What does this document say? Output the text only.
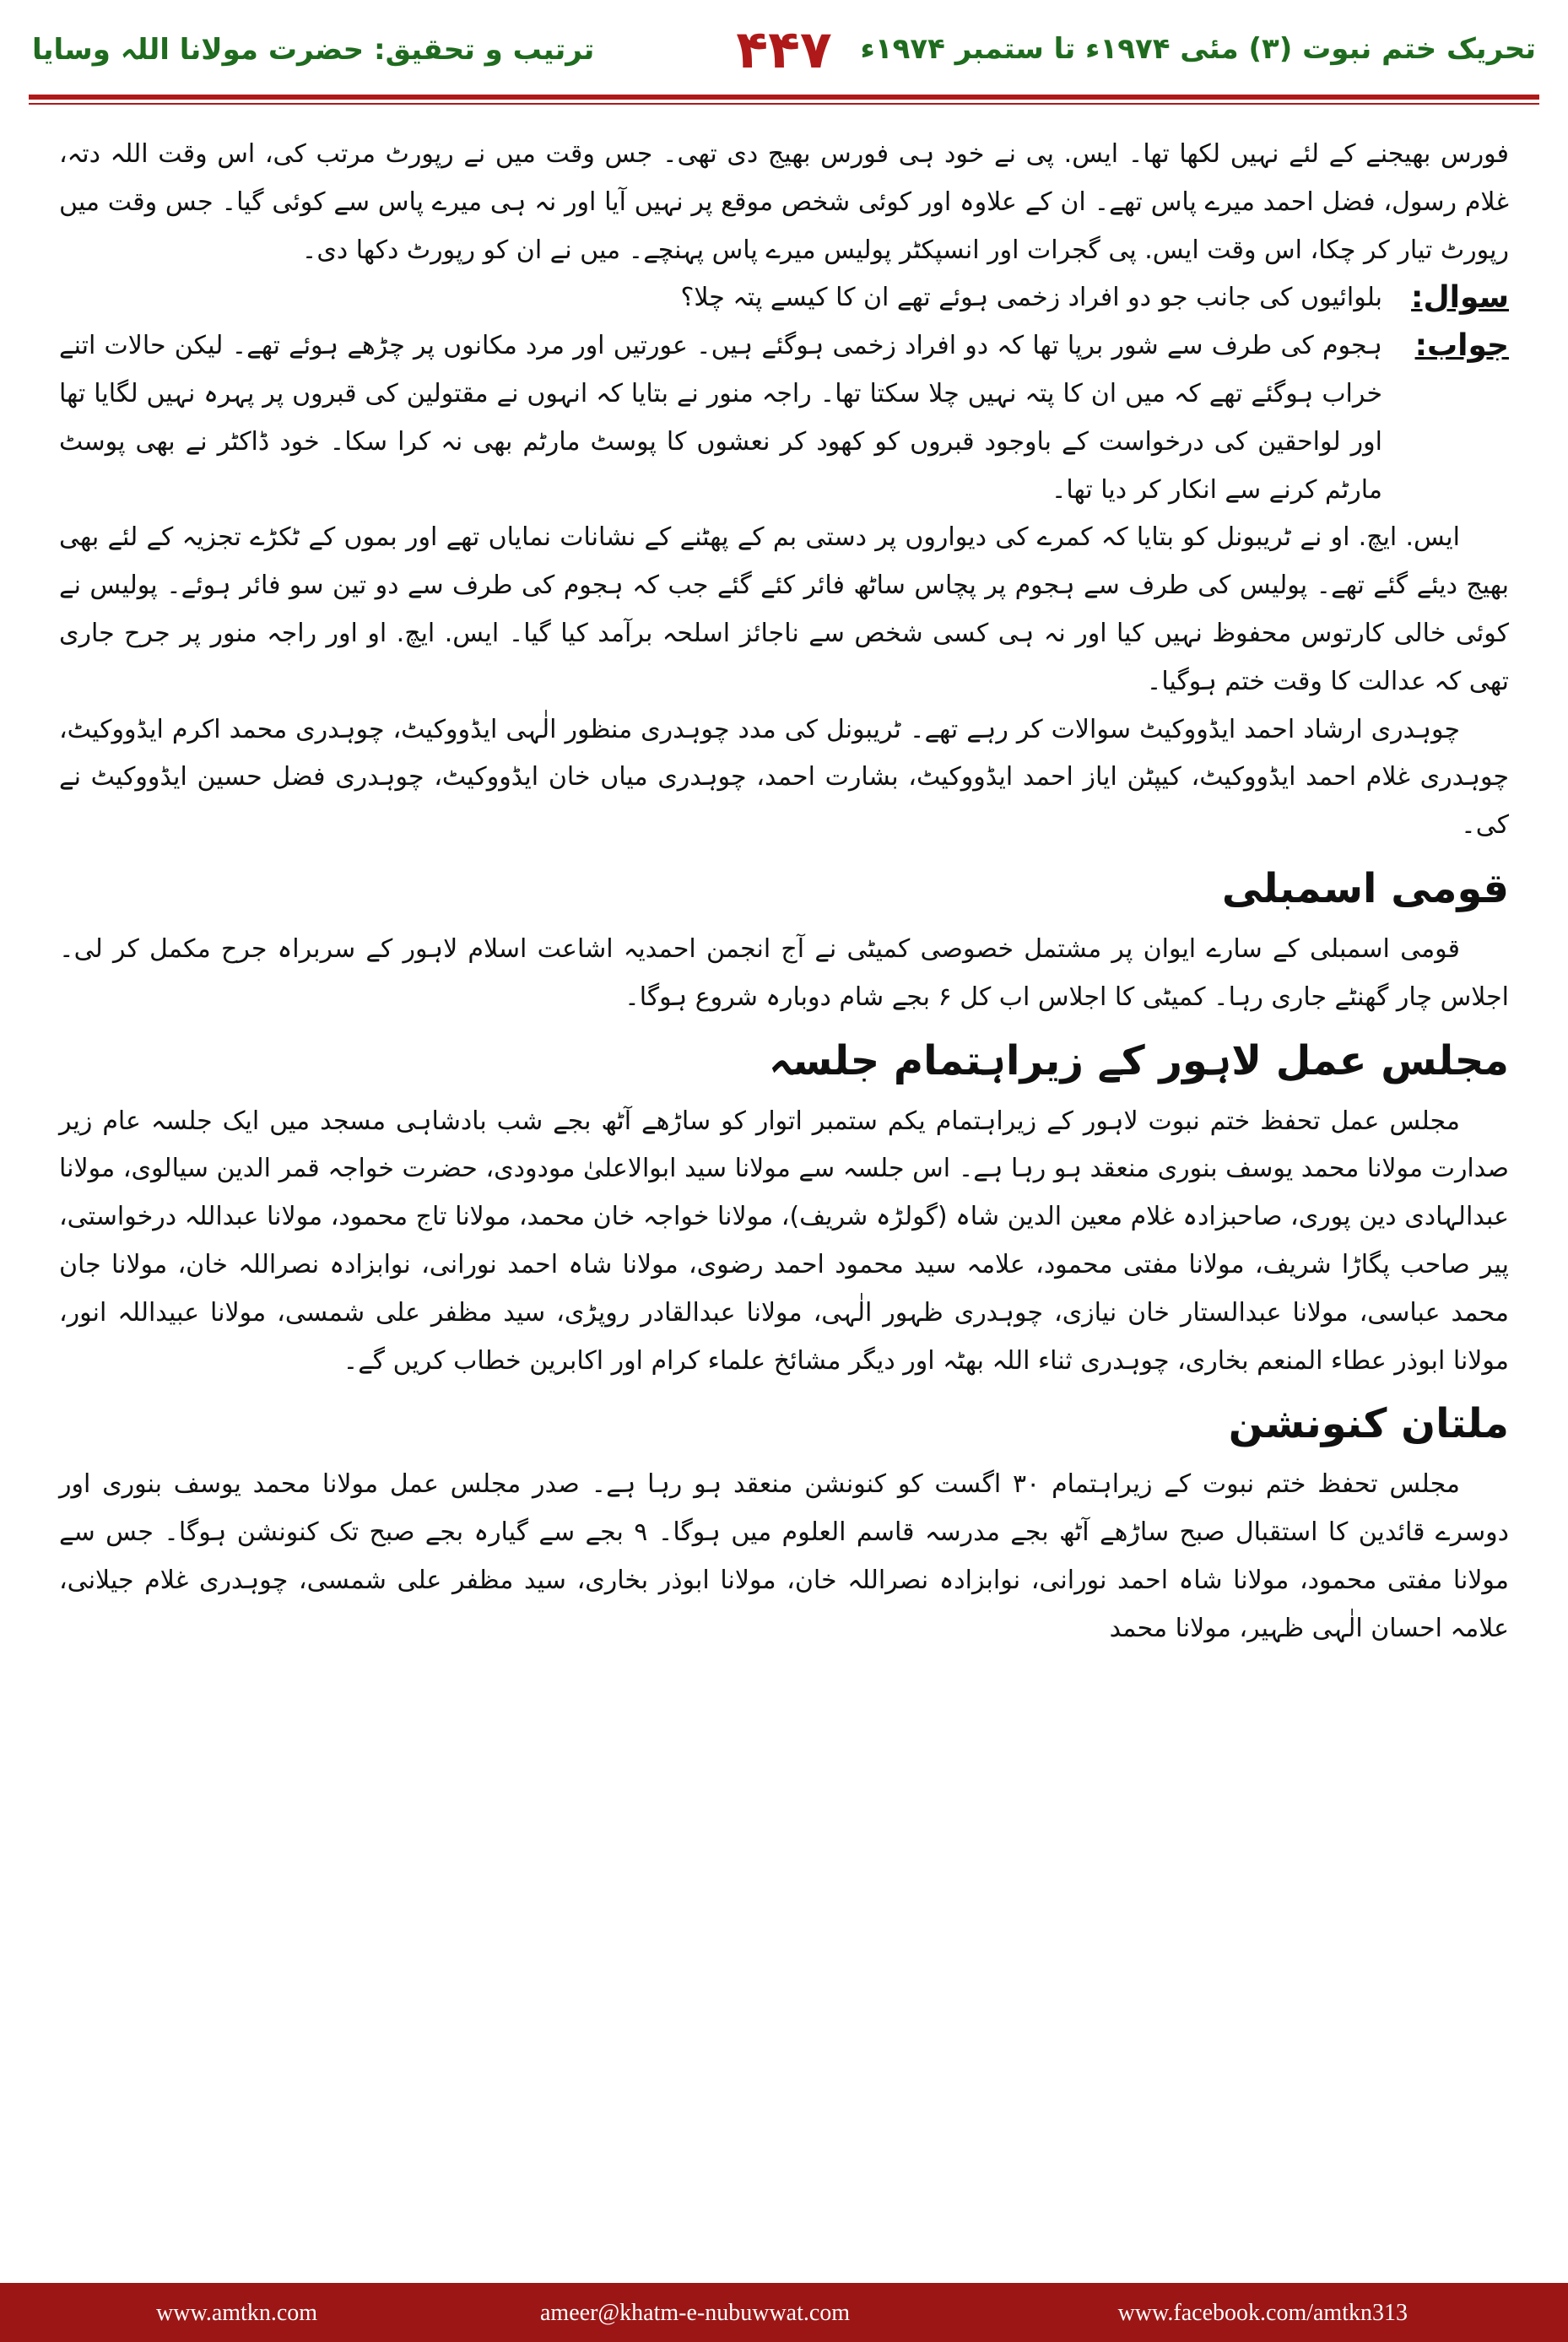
ترتیب و تحقیق: حضرت مولانا اللہ وسایا	۴۴۷ تحریک ختم نبوت (۳) مئی ۱۹۷۴ء تا ستمبر ۱۹۷۴ء

فورس بھیجنے کے لئے نہیں لکھا تھا۔ ایس. پی نے خود ہی فورس بھیج دی تھی۔ جس وقت میں نے رپورٹ مرتب کی، اس وقت اللہ دتہ، غلام رسول، فضل احمد میرے پاس تھے۔ ان کے علاوہ اور کوئی شخص موقع پر نہیں آیا اور نہ ہی میرے پاس سے کوئی گیا۔ جس وقت میں رپورٹ تیار کر چکا، اس وقت ایس. پی گجرات اور انسپکٹر پولیس میرے پاس پہنچے۔ میں نے ان کو رپورٹ دکھا دی۔

سوال:
بلوائیوں کی جانب جو دو افراد زخمی ہوئے تھے ان کا کیسے پتہ چلا؟
جواب:
ہجوم کی طرف سے شور برپا تھا کہ دو افراد زخمی ہوگئے ہیں۔ عورتیں اور مرد مکانوں پر چڑھے ہوئے تھے۔ لیکن حالات اتنے خراب ہوگئے تھے کہ میں ان کا پتہ نہیں چلا سکتا تھا۔ راجہ منور نے بتایا کہ انہوں نے مقتولین کی قبروں پر پہرہ نہیں لگایا تھا اور لواحقین کی درخواست کے باوجود قبروں کو کھود کر نعشوں کا پوسٹ مارٹم بھی نہ کرا سکا۔ خود ڈاکٹر نے بھی پوسٹ مارٹم کرنے سے انکار کر دیا تھا۔

ایس. ایچ. او نے ٹریبونل کو بتایا کہ کمرے کی دیواروں پر دستی بم کے پھٹنے کے نشانات نمایاں تھے اور بموں کے ٹکڑے تجزیہ کے لئے بھی بھیج دیئے گئے تھے۔ پولیس کی طرف سے ہجوم پر پچاس ساٹھ فائر کئے گئے جب کہ ہجوم کی طرف سے دو تین سو فائر ہوئے۔ پولیس نے کوئی خالی کارتوس محفوظ نہیں کیا اور نہ ہی کسی شخص سے ناجائز اسلحہ برآمد کیا گیا۔ ایس. ایچ. او اور راجہ منور پر جرح جاری تھی کہ عدالت کا وقت ختم ہوگیا۔

چوہدری ارشاد احمد ایڈووکیٹ سوالات کر رہے تھے۔ ٹریبونل کی مدد چوہدری منظور الٰہی ایڈووکیٹ، چوہدری محمد اکرم ایڈووکیٹ، چوہدری غلام احمد ایڈووکیٹ، کیپٹن ایاز احمد ایڈووکیٹ، بشارت احمد، چوہدری میاں خان ایڈووکیٹ، چوہدری فضل حسین ایڈووکیٹ نے کی۔

قومی اسمبلی

قومی اسمبلی کے سارے ایوان پر مشتمل خصوصی کمیٹی نے آج انجمن احمدیہ اشاعت اسلام لاہور کے سربراہ جرح مکمل کر لی۔ اجلاس چار گھنٹے جاری رہا۔ کمیٹی کا اجلاس اب کل ۶ بجے شام دوبارہ شروع ہوگا۔

مجلس عمل لاہور کے زیراہتمام جلسہ

مجلس عمل تحفظ ختم نبوت لاہور کے زیراہتمام یکم ستمبر اتوار کو ساڑھے آٹھ بجے شب بادشاہی مسجد میں ایک جلسہ عام زیر صدارت مولانا محمد یوسف بنوری منعقد ہو رہا ہے۔ اس جلسہ سے مولانا سید ابوالاعلیٰ مودودی، حضرت خواجہ قمر الدین سیالوی، مولانا عبدالہادی دین پوری، صاحبزادہ غلام معین الدین شاہ (گولڑہ شریف)، مولانا خواجہ خان محمد، مولانا تاج محمود، مولانا عبداللہ درخواستی، پیر صاحب پگاڑا شریف، مولانا مفتی محمود، علامہ سید محمود احمد رضوی، مولانا شاہ احمد نورانی، نوابزادہ نصراللہ خان، مولانا جان محمد عباسی، مولانا عبدالستار خان نیازی، چوہدری ظہور الٰہی، مولانا عبدالقادر روپڑی، سید مظفر علی شمسی، مولانا عبیداللہ انور، مولانا ابوذر عطاء المنعم بخاری، چوہدری ثناء اللہ بھٹہ اور دیگر مشائخ علماء کرام اور اکابرین خطاب کریں گے۔

ملتان کنونشن

مجلس تحفظ ختم نبوت کے زیراہتمام ۳۰ اگست کو کنونشن منعقد ہو رہا ہے۔ صدر مجلس عمل مولانا محمد یوسف بنوری اور دوسرے قائدین کا استقبال صبح ساڑھے آٹھ بجے مدرسہ قاسم العلوم میں ہوگا۔ ۹ بجے سے گیارہ بجے صبح تک کنونشن ہوگا۔ جس سے مولانا مفتی محمود، مولانا شاہ احمد نورانی، نوابزادہ نصراللہ خان، مولانا ابوذر بخاری، سید مظفر علی شمسی، چوہدری غلام جیلانی، علامہ احسان الٰہی ظہیر، مولانا محمد

www.amtkn.com	ameer@khatm-e-nubuwwat.com	www.facebook.com/amtkn313
